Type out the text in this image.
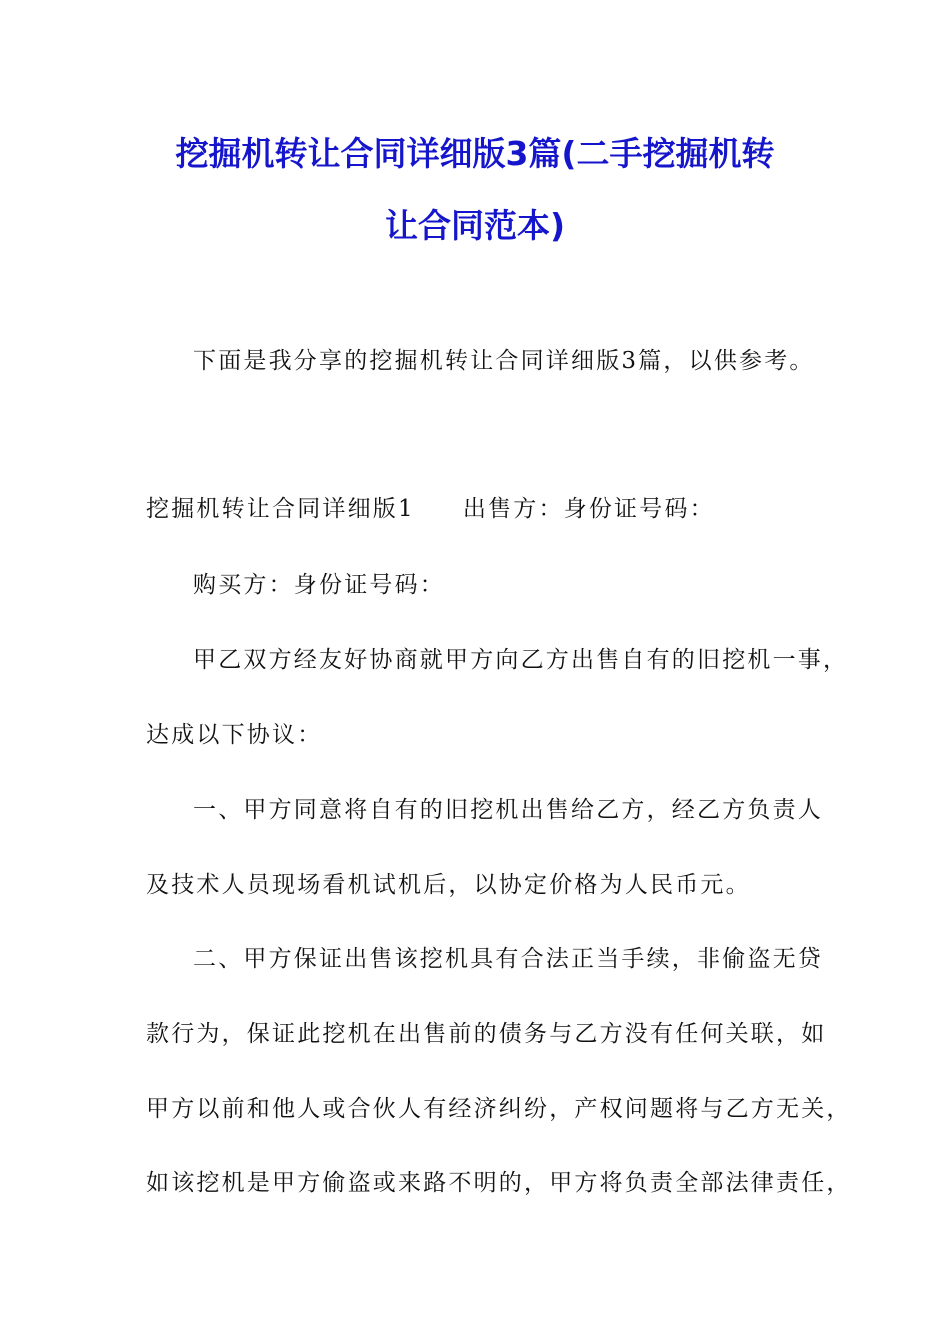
挖掘机转让合同详细版3篇(二手挖掘机转
让合同范本)
下面是我分享的挖掘机转让合同详细版3篇，以供参考。
挖掘机转让合同详细版1 出售方：身份证号码：
购买方：身份证号码：
甲乙双方经友好协商就甲方向乙方出售自有的旧挖机一事，
达成以下协议：
一、甲方同意将自有的旧挖机出售给乙方，经乙方负责人
及技术人员现场看机试机后，以协定价格为人民币元。
二、甲方保证出售该挖机具有合法正当手续，非偷盗无贷
款行为，保证此挖机在出售前的债务与乙方没有任何关联，如
甲方以前和他人或合伙人有经济纠纷，产权问题将与乙方无关，
如该挖机是甲方偷盗或来路不明的，甲方将负责全部法律责任，
